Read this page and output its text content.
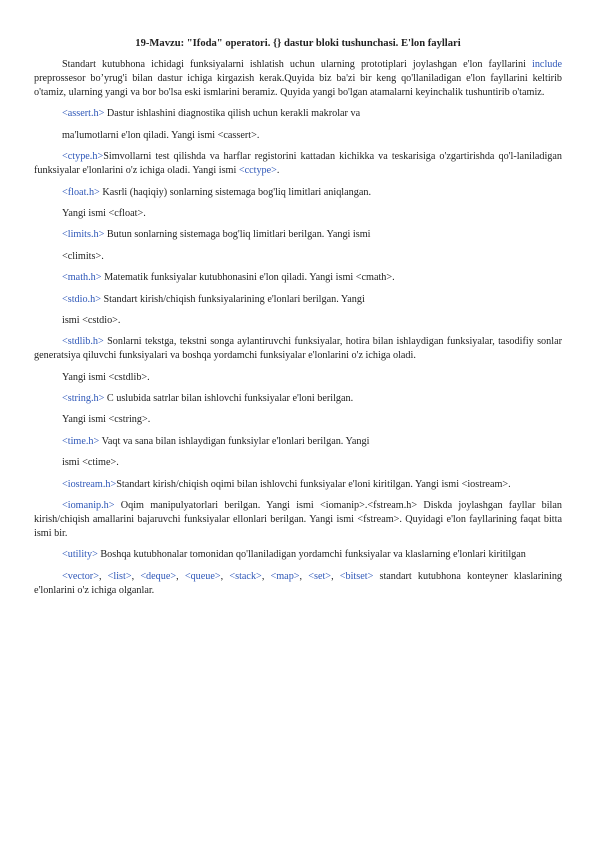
19-Mavzu: "Ifoda" operatori. {} dastur bloki tushunchasi. E'lon fayllari

Standart kutubhona ichidagi funksiyalarni ishlatish uchun ularning prototiplari joylashgan e'lon fayllarini include preprossesor bo’yrug'i bilan dastur ichiga kirgazish kerak.Quyida biz ba'zi bir keng qo'llaniladigan e'lon fayllarini keltirib o'tamiz, ularning yangi va bor bo'lsa eski ismlarini beramiz. Quyida yangi bo'lgan atamalarni keyinchalik tushuntirib o'tamiz.

<assert.h> Dastur ishlashini diagnostika qilish uchun kerakli makrolar va

ma'lumotlarni e'lon qiladi. Yangi ismi <cassert>.

<ctype.h>Simvollarni test qilishda va harflar registorini kattadan kichikka va teskarisiga o'zgartirishda qo'l-laniladigan funksiyalar e'lonlarini o'z ichiga oladi. Yangi ismi <cctype>.

<float.h> Kasrli (haqiqiy) sonlarning sistemaga bog'liq limitlari aniqlangan.

Yangi ismi <cfloat>.

<limits.h> Butun sonlarning sistemaga bog'liq limitlari berilgan. Yangi ismi

<climits>.

<math.h> Matematik funksiyalar kutubhonasini e'lon qiladi. Yangi ismi <cmath>.

<stdio.h> Standart kirish/chiqish funksiyalarining e'lonlari berilgan. Yangi

ismi <cstdio>.

<stdlib.h> Sonlarni tekstga, tekstni songa aylantiruvchi funksiyalar, hotira bilan ishlaydigan funksiyalar, tasodifiy sonlar generatsiya qiluvchi funksiyalari va boshqa yordamchi funksiyalar e'lonlarini o'z ichiga oladi.

Yangi ismi <cstdlib>.

<string.h> C uslubida satrlar bilan ishlovchi funksiyalar e'loni berilgan.

Yangi ismi <cstring>.

<time.h> Vaqt va sana bilan ishlaydigan funksiylar e'lonlari berilgan. Yangi

ismi <ctime>.

<iostream.h>Standart kirish/chiqish oqimi bilan ishlovchi funksiyalar e'loni kiritilgan. Yangi ismi <iostream>.

<iomanip.h> Oqim manipulyatorlari berilgan. Yangi ismi <iomanip>.<fstream.h> Diskda joylashgan fayllar bilan kirish/chiqish amallarini bajaruvchi funksiyalar ellonlari berilgan. Yangi ismi <fstream>. Quyidagi e'lon fayllarining faqat bitta ismi bir.

<utility> Boshqa kutubhonalar tomonidan qo'llaniladigan yordamchi funksiyalar va klaslarning e'lonlari kiritilgan

<vector>, <list>, <deque>, <queue>, <stack>, <map>, <set>, <bitset> standart kutubhona konteyner klaslarining e'lonlarini o'z ichiga olganlar.
